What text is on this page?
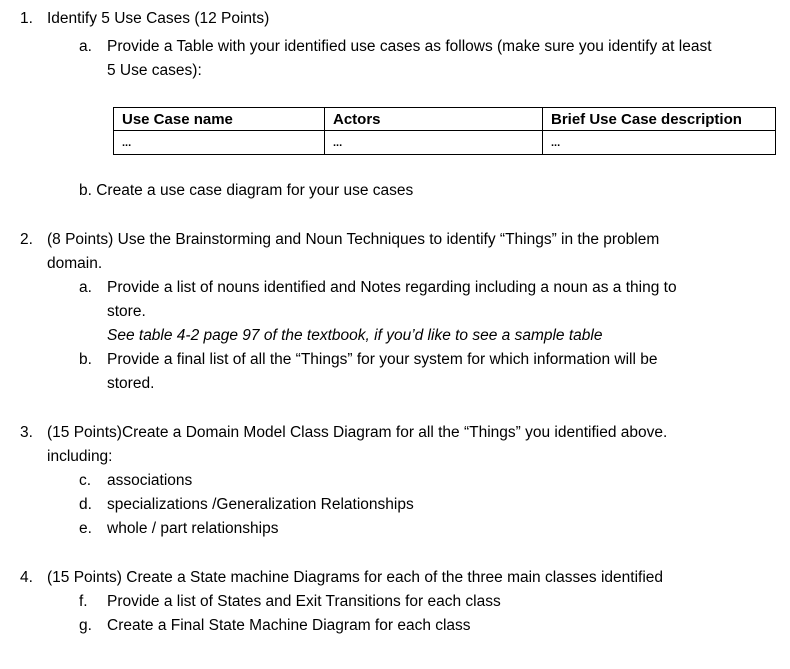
1. Identify 5 Use Cases (12 Points)
a. Provide a Table with your identified use cases as follows (make sure you identify at least
5 Use cases):
Use Case name	Actors	Brief Use Case description
...	...	...
b. Create a use case diagram for your use cases
2. (8 Points) Use the Brainstorming and Noun Techniques to identify “Things” in the problem
domain.
a. Provide a list of nouns identified and Notes regarding including a noun as a thing to
store.
See table 4-2 page 97 of the textbook, if you’d like to see a sample table
b. Provide a final list of all the “Things” for your system for which information will be
stored.
3. (15 Points)Create a Domain Model Class Diagram for all the “Things” you identified above.
including:
c. associations
d. specializations /Generalization Relationships
e. whole / part relationships
4. (15 Points) Create a State machine Diagrams for each of the three main classes identified
f. Provide a list of States and Exit Transitions for each class
g. Create a Final State Machine Diagram for each class
